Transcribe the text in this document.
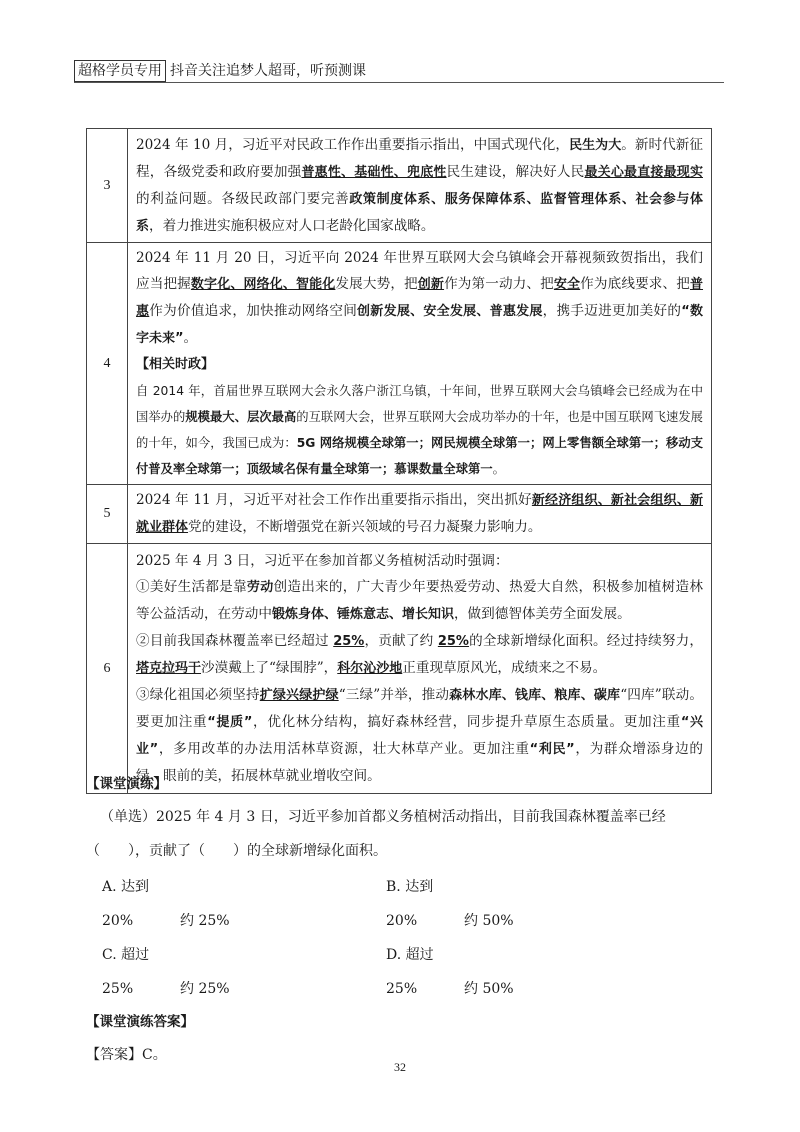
超格学员专用 抖音关注追梦人超哥，听预测课
3	2024 年 10 月，习近平对民政工作作出重要指示指出，中国式现代化，民生为大。新时代新征程，各级党委和政府要加强普惠性、基础性、兜底性民生建设，解决好人民最关心最直接最现实的利益问题。各级民政部门要完善政策制度体系、服务保障体系、监督管理体系、社会参与体系，着力推进实施积极应对人口老龄化国家战略。

4	2024 年 11 月 20 日，习近平向 2024 年世界互联网大会乌镇峰会开幕视频致贺指出，我们应当把握数字化、网络化、智能化发展大势，把创新作为第一动力、把安全作为底线要求、把普惠作为价值追求，加快推动网络空间创新发展、安全发展、普惠发展，携手迈进更加美好的“数字未来”。

【相关时政】

自 2014 年，首届世界互联网大会永久落户浙江乌镇，十年间，世界互联网大会乌镇峰会已经成为在中国举办的规模最大、层次最高的互联网大会，世界互联网大会成功举办的十年，也是中国互联网飞速发展的十年，如今，我国已成为：5G 网络规模全球第一；网民规模全球第一；网上零售额全球第一；移动支付普及率全球第一；顶级域名保有量全球第一；慕课数量全球第一。

5	2024 年 11 月，习近平对社会工作作出重要指示指出，突出抓好新经济组织、新社会组织、新就业群体党的建设，不断增强党在新兴领域的号召力凝聚力影响力。

6	2025 年 4 月 3 日，习近平在参加首都义务植树活动时强调：

①美好生活都是靠劳动创造出来的，广大青少年要热爱劳动、热爱大自然，积极参加植树造林等公益活动，在劳动中锻炼身体、锤炼意志、增长知识，做到德智体美劳全面发展。

②目前我国森林覆盖率已经超过 25%，贡献了约 25%的全球新增绿化面积。经过持续努力，塔克拉玛干沙漠戴上了“绿围脖”，科尔沁沙地正重现草原风光，成绩来之不易。

③绿化祖国必须坚持扩绿兴绿护绿“三绿”并举，推动森林水库、钱库、粮库、碳库“四库”联动。要更加注重“提质”，优化林分结构，搞好森林经营，同步提升草原生态质量。更加注重“兴业”，多用改革的办法用活林草资源，壮大林草产业。更加注重“利民”，为群众增添身边的绿、眼前的美，拓展林草就业增收空间。

【课堂演练】

（单选）2025 年 4 月 3 日，习近平参加首都义务植树活动指出，目前我国森林覆盖率已经（　　），贡献了（　　）的全球新增绿化面积。

A. 达到 20%	约 25%
B. 达到 20%	约 50%
C. 超过 25%	约 25%
D. 超过 25%	约 50%
【课堂演练答案】

【答案】C。

32
